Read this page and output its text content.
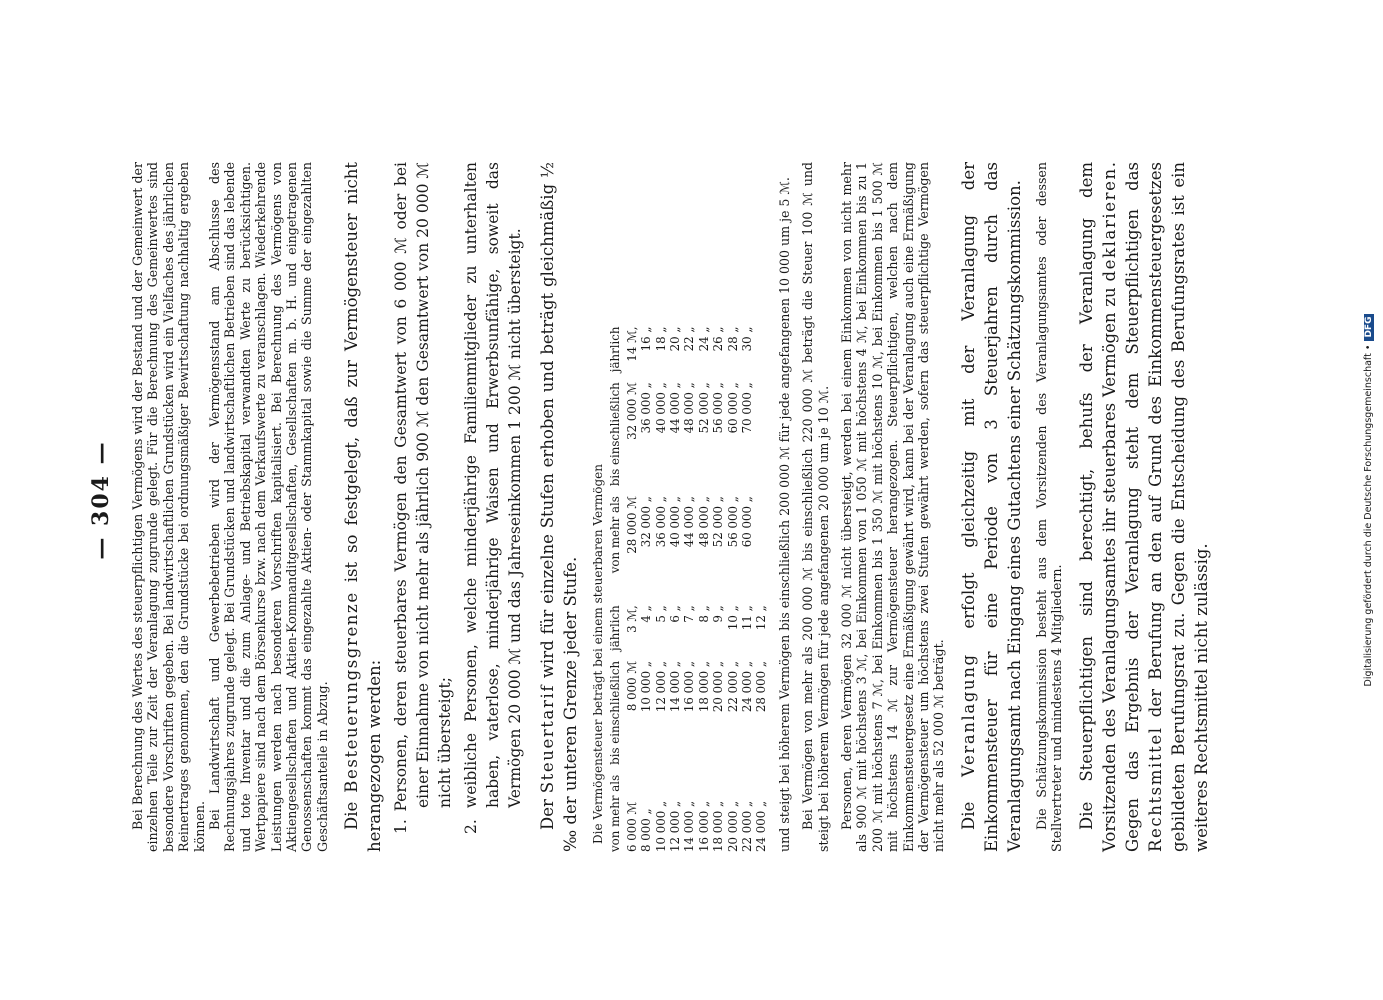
— 304 — Bei Berechnung des Wertes des steuerpflichtigen Vermögens wird der Bestand und der Gemeinwert der einzelnen Teile zur Zeit der Veranlagung zugrunde gelegt. Für die Berechnung des Gemeinwertes sind besondere Vorschriften gegeben. Bei landwirtschaftlichen Grundstücken wird ein Vielfaches des jährlichen Reinertrages genommen, den die Grundstücke bei ordnungsmäßiger Bewirtschaftung nachhaltig ergeben können. Bei Landwirtschaft und Gewerbebetrieben wird der Vermögensstand am Abschlusse des Rechnungsjahres zugrunde gelegt. Bei Grundstücken und landwirtschaftlichen Betrieben sind das lebende und tote Inventar und die zum Anlage- und Betriebskapital verwandten Werte zu berücksichtigen. Wertpapiere sind nach dem Börsenkurse bzw. nach dem Verkaufswerte zu veranschlagen. Wiederkehrende Leistungen werden nach besonderen Vorschriften kapitalisiert. Bei Berechnung des Vermögens von Aktiengesellschaften und Aktien-Kommanditgesellschaften, Gesellschaften m. b. H. und eingetragenen Genossenschaften kommt das eingezahlte Aktien- oder Stammkapital sowie die Summe der eingezahlten Geschäftsanteile in Abzug. Die Besteuerungsgrenze ist so festgelegt, daß zur Vermögensteuer nicht herangezogen werden: 1. Personen, deren steuerbares Vermögen den Gesamtwert von 6 000 ℳ oder bei einer Einnahme von nicht mehr als jährlich 900 ℳ den Gesamtwert von 20 000 ℳ nicht übersteigt; 2. weibliche Personen, welche minderjährige Familienmitglieder zu unterhalten haben, vaterlose, minderjährige Waisen und Erwerbsunfähige, soweit das Vermögen 20 000 ℳ und das Jahreseinkommen 1 200 ℳ nicht übersteigt.

Der Steuertarif wird für einzelne Stufen erhoben und beträgt gleichmäßig ½ ‰ der unteren Grenze jeder Stufe. Die Vermögensteuer beträgt bei einem steuerbaren Vermögen von mehr als	bis einschließlich	jährlich	von mehr als	bis einschließlich	jährlich
6 000 ℳ	8 000 ℳ	3 ℳ,	28 000 ℳ	32 000 ℳ	14 ℳ,
8 000 „	10 000 „	4 „	32 000 „	36 000 „	16 „
10 000 „	12 000 „	5 „	36 000 „	40 000 „	18 „
12 000 „	14 000 „	6 „	40 000 „	44 000 „	20 „
14 000 „	16 000 „	7 „	44 000 „	48 000 „	22 „
16 000 „	18 000 „	8 „	48 000 „	52 000 „	24 „
18 000 „	20 000 „	9 „	52 000 „	56 000 „	26 „
20 000 „	22 000 „	10 „	56 000 „	60 000 „	28 „
22 000 „	24 000 „	11 „	60 000 „	70 000 „	30 „
24 000 „	28 000 „	12 „			und steigt bei höherem Vermögen bis einschließlich 200 000 ℳ für jede angefangenen 10 000 um je 5 ℳ. Bei Vermögen von mehr als 200 000 ℳ bis einschließlich 220 000 ℳ beträgt die Steuer 100 ℳ und steigt bei höherem Vermögen für jede angefangenen 20 000 um je 10 ℳ. Personen, deren Vermögen 32 000 ℳ nicht übersteigt, werden bei einem Einkommen von nicht mehr als 900 ℳ mit höchstens 3 ℳ, bei Einkommen von 1 050 ℳ mit höchstens 4 ℳ, bei Einkommen bis zu 1 200 ℳ mit höchstens 7 ℳ, bei Einkommen bis 1 350 ℳ mit höchstens 10 ℳ, bei Einkommen bis 1 500 ℳ mit höchstens 14 ℳ zur Vermögensteuer herangezogen. Steuerpflichtigen, welchen nach dem Einkommensteuergesetz eine Ermäßigung gewährt wird, kann bei der Veranlagung auch eine Ermäßigung der Vermögensteuer um höchstens zwei Stufen gewährt werden, sofern das steuerpflichtige Vermögen nicht mehr als 52 000 ℳ beträgt. Die Veranlagung erfolgt gleichzeitig mit der Veranlagung der Einkommensteuer für eine Periode von 3 Steuerjahren durch das Veranlagungsamt nach Eingang eines Gutachtens einer Schätzungskommission. Die Schätzungskommission besteht aus dem Vorsitzenden des Veranlagungsamtes oder dessen Stellvertreter und mindestens 4 Mitgliedern. Die Steuerpflichtigen sind berechtigt, behufs der Veranlagung dem Vorsitzenden des Veranlagungsamtes ihr steuerbares Vermögen zu deklarieren. Gegen das Ergebnis der Veranlagung steht dem Steuerpflichtigen das Rechtsmittel der Berufung an den auf Grund des Einkommensteuergesetzes gebildeten Berufungsrat zu. Gegen die Entscheidung des Berufungsrates ist ein weiteres Rechtsmittel nicht zulässig.

Digitalisierung gefördert durch die Deutsche Forschungsgemeinschaft •DFG
